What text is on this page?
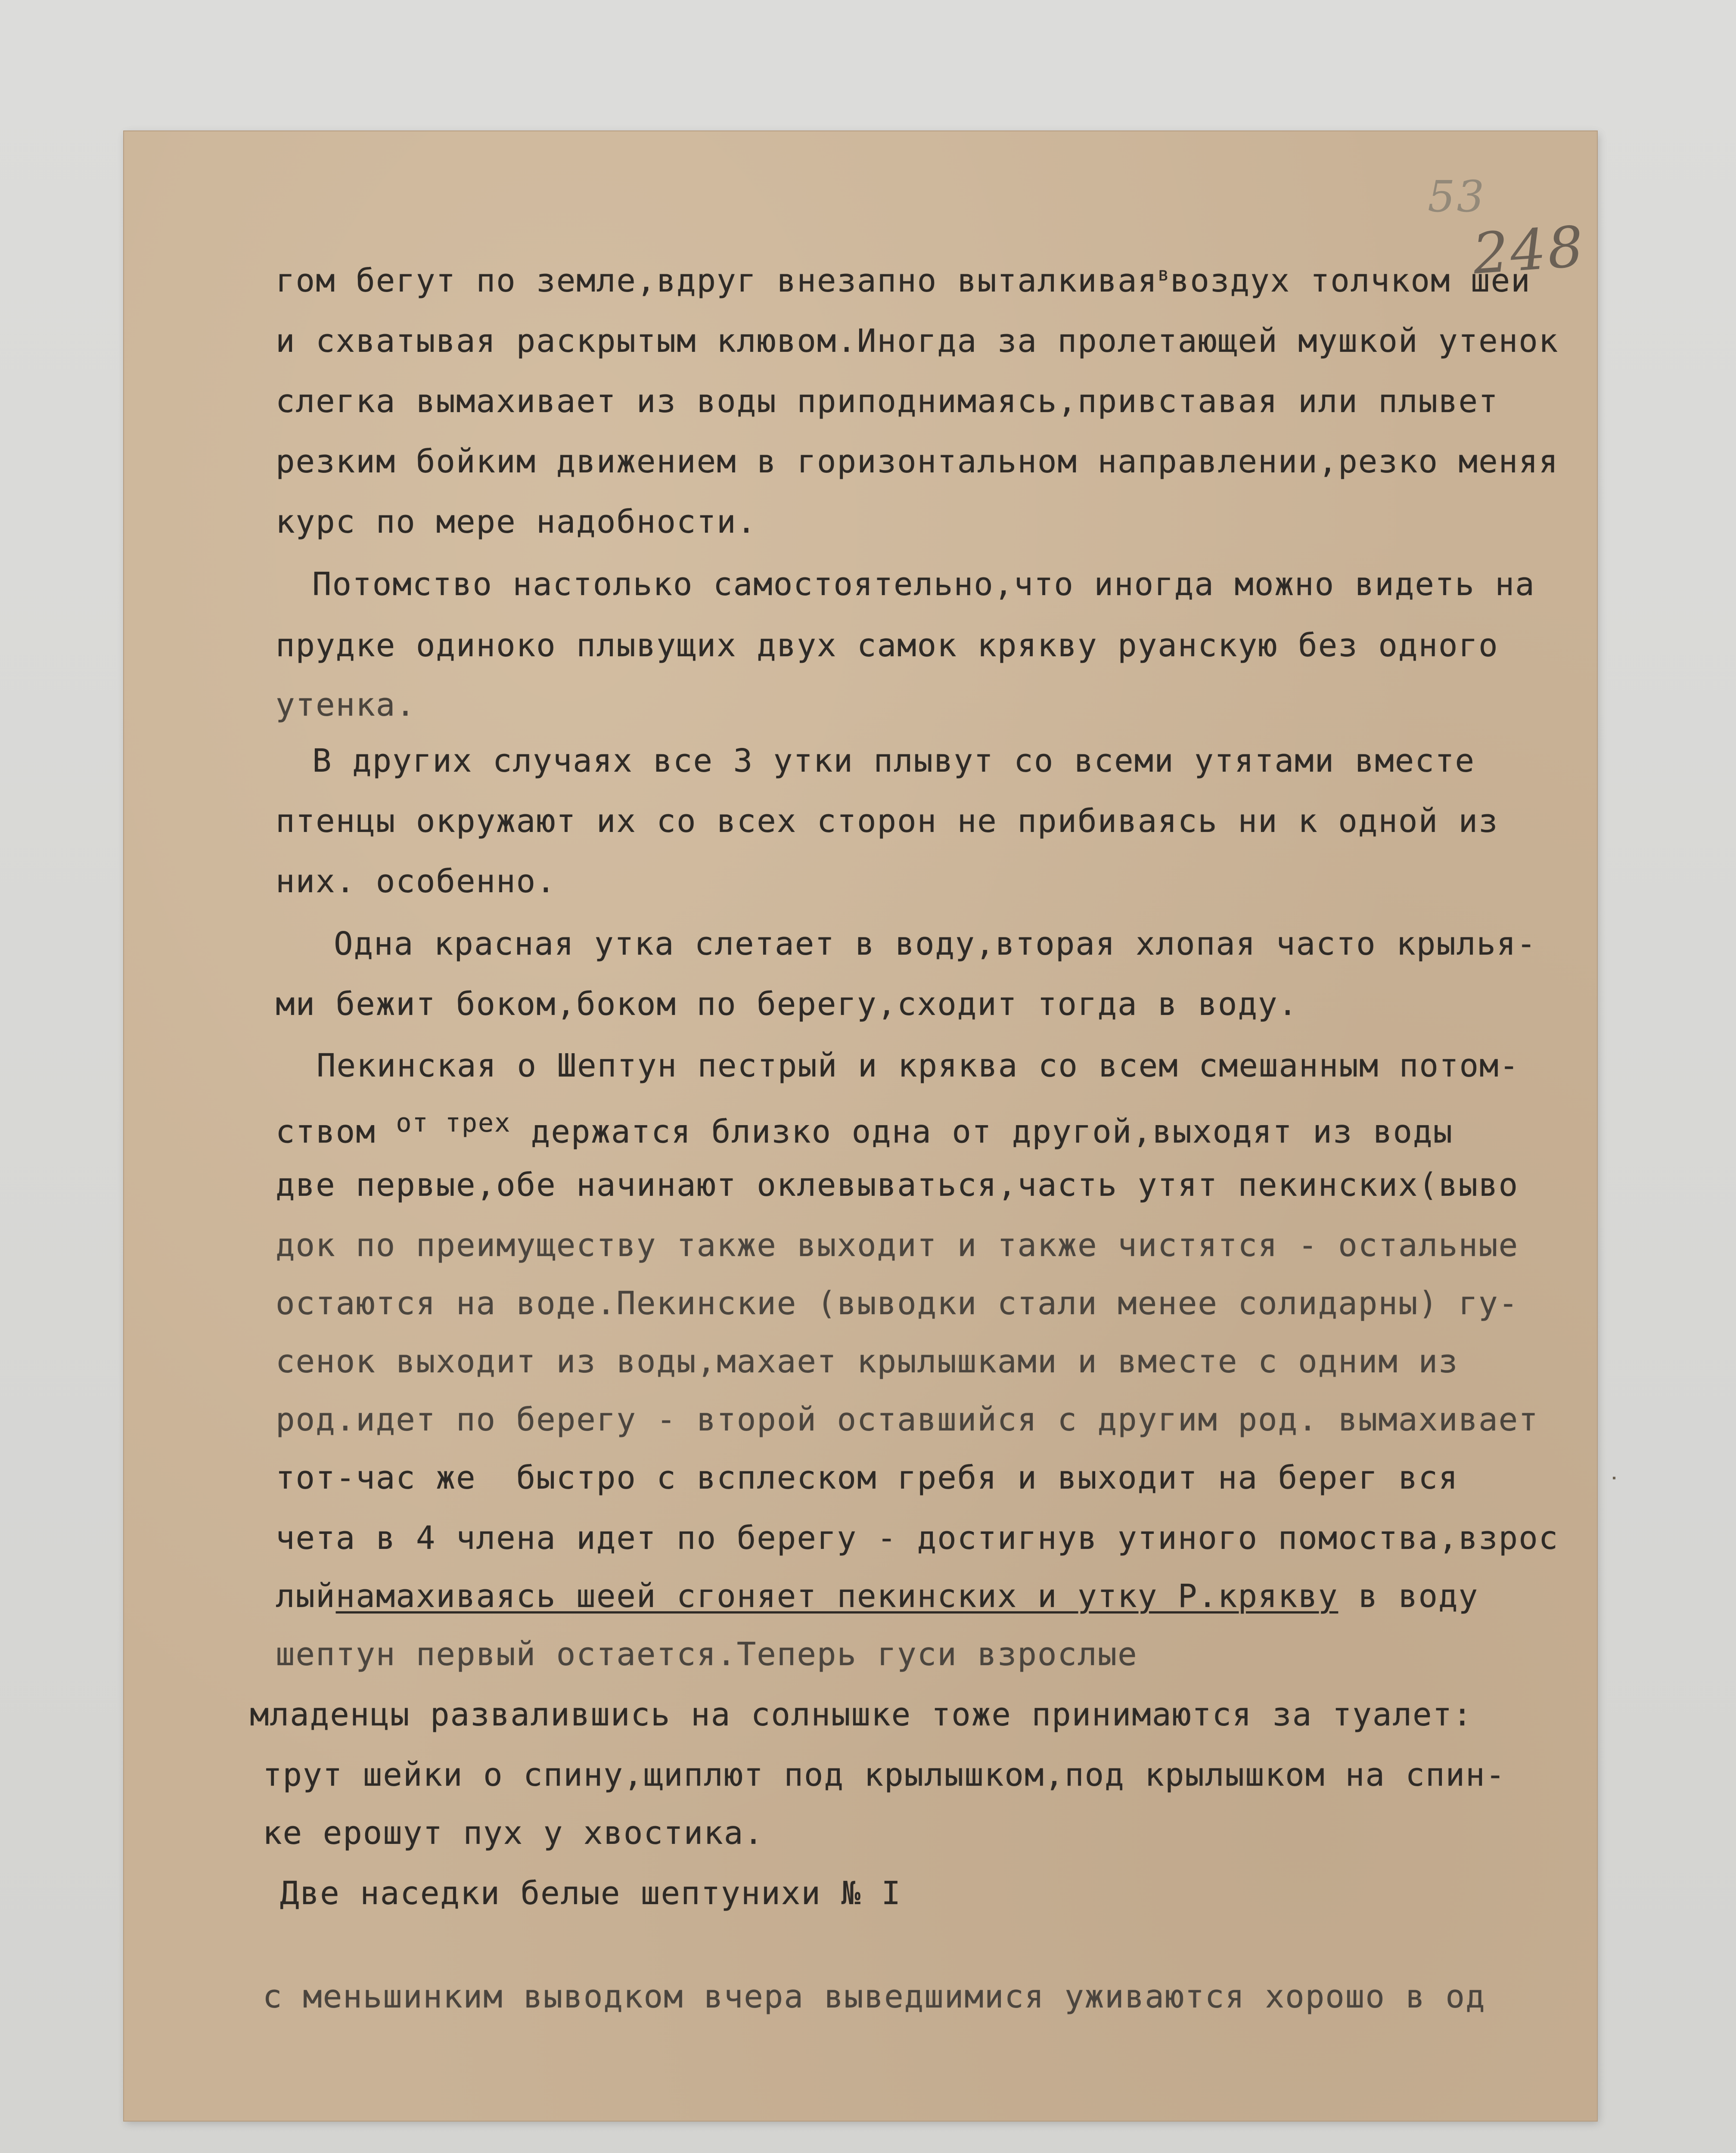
53
248
гом бегут по земле,вдруг внезапно выталкивая$^в$воздух толчком шеи
и схватывая раскрытым клювом.Иногда за пролетающей мушкой утенок
слегка вымахивает из воды приподнимаясь,привставая или плывет
резким бойким движением в горизонтальном направлении,резко меняя
курс по мере надобности.
Потомство настолько самостоятельно,что иногда можно видеть на
прудке одиноко плывущих двух самок крякву руанскую без одного
утенка.
В других случаях все 3 утки плывут со всеми утятами вместе
птенцы окружают их со всех сторон не прибиваясь ни к одной из
них. особенно.
Одна красная утка слетает в воду,вторая хлопая часто крылья-
ми бежит боком,боком по берегу,сходит тогда в воду.
Пекинская о Шептун пестрый и кряква со всем смешанным потом-
ством $^{от трех}$ держатся близко одна от другой,выходят из воды
две первые,обе начинают оклевываться,часть утят пекинских(выво
док по преимуществу также выходит и также чистятся - остальные
остаются на воде.Пекинские (выводки стали менее солидарны) гу-
сенок выходит из воды,махает крылышками и вместе с одним из
род.идет по берегу - второй оставшийся с другим род. вымахивает
тот-час же  быстро с всплеском гребя и выходит на берег вся
чета в 4 члена идет по берегу - достигнув утиного помоства,взрос
лыйнамахиваясь шеей сгоняет пекинских и утку Р.крякву в воду
шептун первый остается.Теперь гуси взрослые
младенцы развалившись на солнышке тоже принимаются за туалет:
трут шейки о спину,щиплют под крылышком,под крылышком на спин-
ке ерошут пух у хвостика.
Две наседки белые шептунихи № I
с меньшинким выводком вчера выведшимися уживаются хорошо в од
